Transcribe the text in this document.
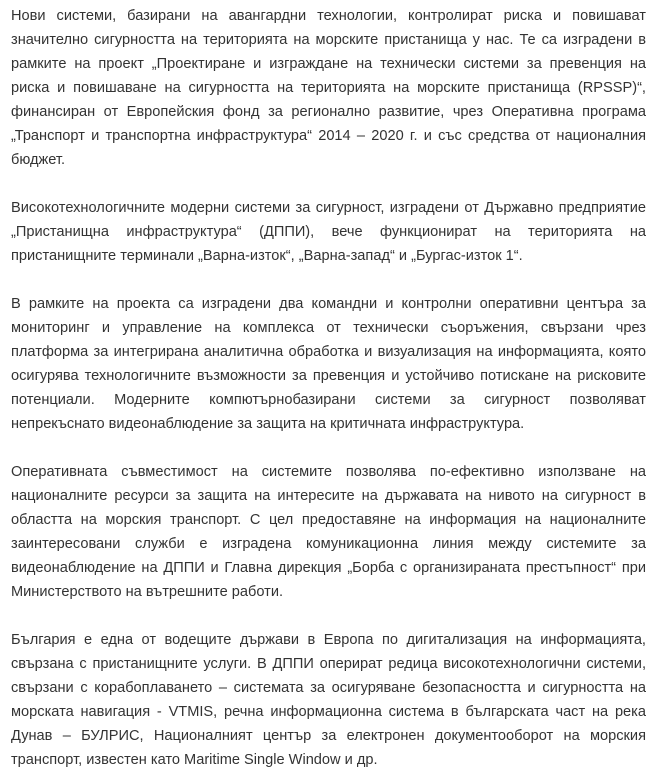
Нови системи, базирани на авангардни технологии, контролират риска и повишават значително сигурността на територията на морските пристанища у нас. Те са изградени в рамките на проект „Проектиране и изграждане на технически системи за превенция на риска и повишаване на сигурността на територията на морските пристанища (RPSSP)“, финансиран от Европейския фонд за регионално развитие, чрез Оперативна програма „Транспорт и транспортна инфраструктура“ 2014 – 2020 г. и със средства от националния бюджет.

Високотехнологичните модерни системи за сигурност, изградени от Държавно предприятие „Пристанищна инфраструктура“ (ДППИ), вече функционират на територията на пристанищните терминали „Варна-изток“, „Варна-запад“ и „Бургас-изток 1“.

В рамките на проекта са изградени два командни и контролни оперативни центъра за мониторинг и управление на комплекса от технически съоръжения, свързани чрез платформа за интегрирана аналитична обработка и визуализация на информацията, която осигурява технологичните възможности за превенция и устойчиво потискане на рисковите потенциали. Модерните компютърнобазирани системи за сигурност позволяват непрекъснато видеонаблюдение за защита на критичната инфраструктура.

Оперативната съвместимост на системите позволява по-ефективно използване на националните ресурси за защита на интересите на държавата на нивото на сигурност в областта на морския транспорт. С цел предоставяне на информация на националните заинтересовани служби е изградена комуникационна линия между системите за видеонаблюдение на ДППИ и Главна дирекция „Борба с организираната престъпност“ при Министерството на вътрешните работи.

България е една от водещите държави в Европа по дигитализация на информацията, свързана с пристанищните услуги. В ДППИ оперират редица високотехнологични системи, свързани с корабоплаването – системата за осигуряване безопасността и сигурността на морската навигация - VTMIS, речна информационна система в българската част на река Дунав – БУЛРИС, Националният център за електронен документооборот на морския транспорт, известен като Maritime Single Window и др.
